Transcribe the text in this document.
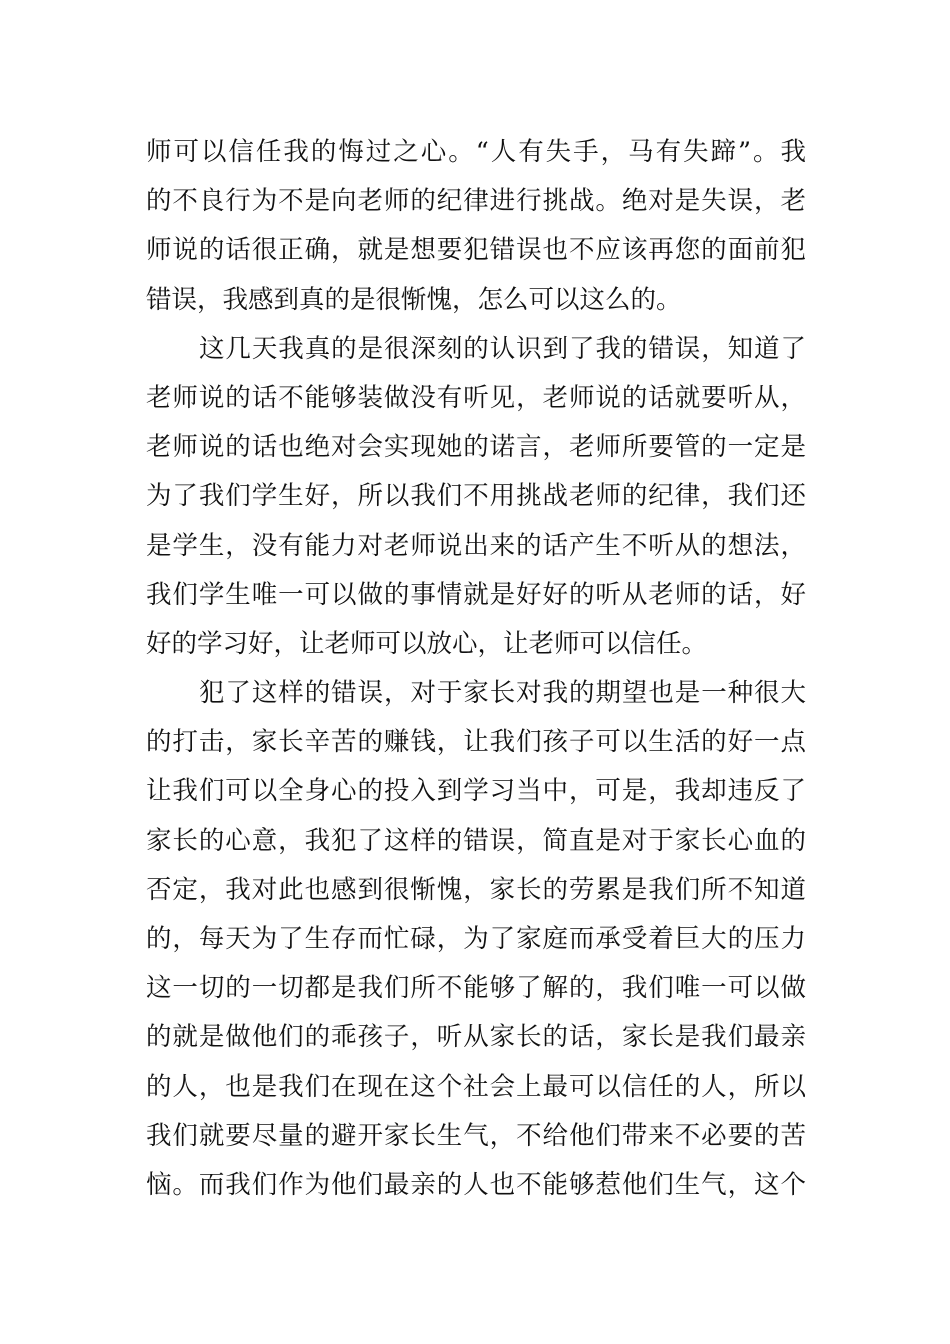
师可以信任我的悔过之心。“人有失手，马有失蹄”。我
的不良行为不是向老师的纪律进行挑战。绝对是失误，老
师说的话很正确，就是想要犯错误也不应该再您的面前犯
错误，我感到真的是很惭愧，怎么可以这么的。
这几天我真的是很深刻的认识到了我的错误，知道了
老师说的话不能够装做没有听见，老师说的话就要听从，
老师说的话也绝对会实现她的诺言，老师所要管的一定是
为了我们学生好，所以我们不用挑战老师的纪律，我们还
是学生，没有能力对老师说出来的话产生不听从的想法，
我们学生唯一可以做的事情就是好好的听从老师的话，好
好的学习好，让老师可以放心，让老师可以信任。
犯了这样的错误，对于家长对我的期望也是一种很大
的打击，家长辛苦的赚钱，让我们孩子可以生活的好一点
让我们可以全身心的投入到学习当中，可是，我却违反了
家长的心意，我犯了这样的错误，简直是对于家长心血的
否定，我对此也感到很惭愧，家长的劳累是我们所不知道
的，每天为了生存而忙碌，为了家庭而承受着巨大的压力
这一切的一切都是我们所不能够了解的，我们唯一可以做
的就是做他们的乖孩子，听从家长的话，家长是我们最亲
的人，也是我们在现在这个社会上最可以信任的人，所以
我们就要尽量的避开家长生气，不给他们带来不必要的苦
恼。而我们作为他们最亲的人也不能够惹他们生气，这个
